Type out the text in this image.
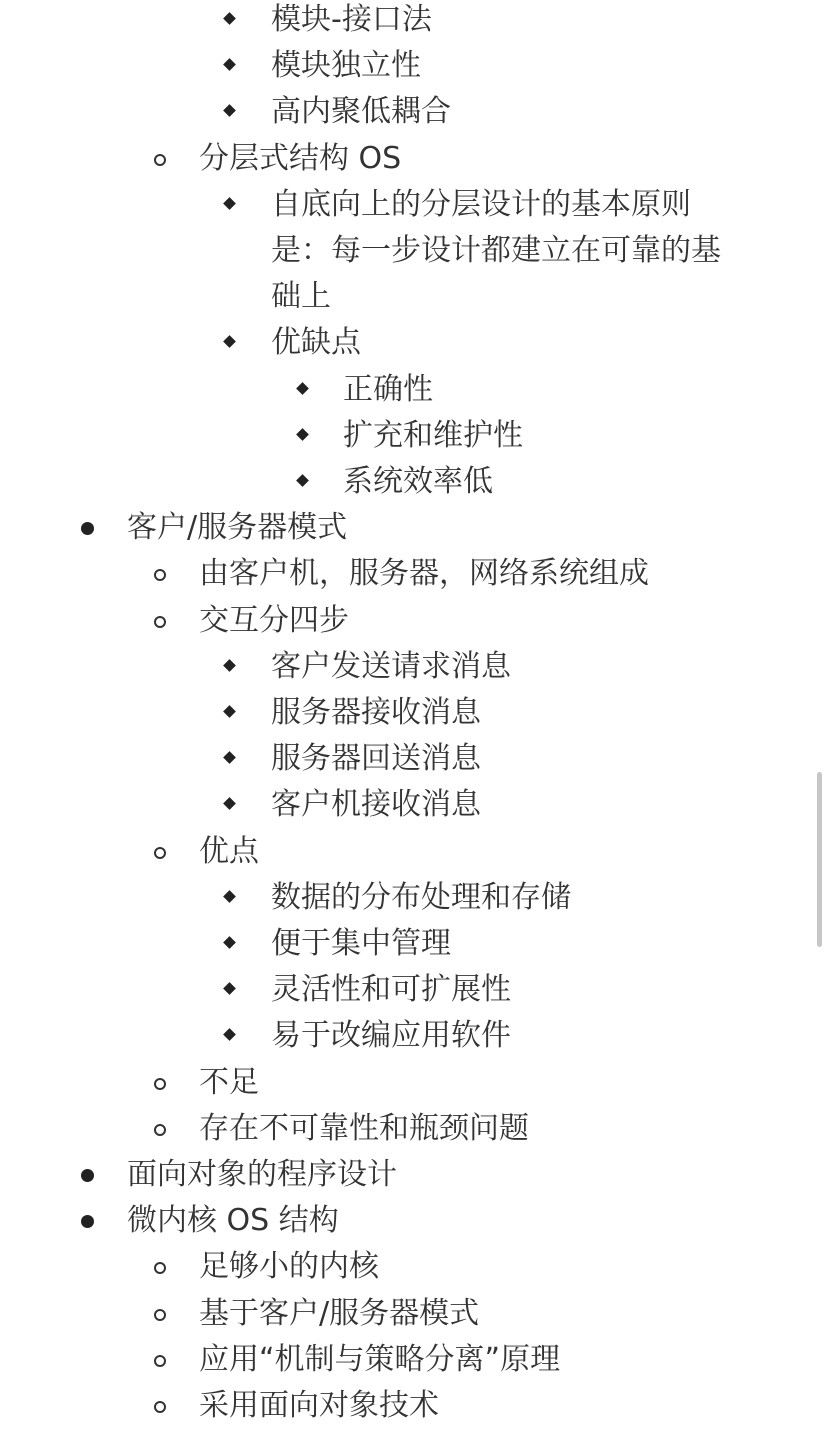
模块-接口法
模块独立性
高内聚低耦合
分层式结构 OS
自底向上的分层设计的基本原则
是：每一步设计都建立在可靠的基
础上
优缺点
正确性
扩充和维护性
系统效率低
客户/服务器模式
由客户机，服务器，网络系统组成
交互分四步
客户发送请求消息
服务器接收消息
服务器回送消息
客户机接收消息
优点
数据的分布处理和存储
便于集中管理
灵活性和可扩展性
易于改编应用软件
不足
存在不可靠性和瓶颈问题
面向对象的程序设计
微内核 OS 结构
足够小的内核
基于客户/服务器模式
应用“机制与策略分离”原理
采用面向对象技术
